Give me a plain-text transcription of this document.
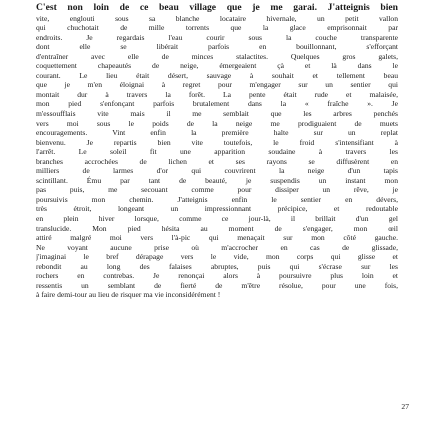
C'est non loin de ce beau village que je me garai. J'atteignis bien
vite, englouti sous sa blanche locataire hivernale, un petit vallon
qui chuchotait de mille torrents que la glace emprisonnait par
endroits. Je regardais l'eau courir sous la couche transparente
dont elle se libérait parfois en bouillonnant, s'efforçant
d'entraîner avec elle de minces stalactites. Quelques gros galets,
coquettement chapeautés de neige, émergeaient çà et là dans le
courant. Le lieu était désert, sauvage à souhait et tellement beau
que je m'en éloignai à regret pour m'engager sur un sentier qui
montait dur à travers la forêt. La pente était rude et malaisée,
mon pied s'enfonçant parfois brutalement dans la « fraîche ». Je
m'essoufflais vite mais il me semblait que les arbres penchés
vers moi sous le poids de la neige me prodiguaient de muets
encouragements. Vint enfin la première halte sur un replat
bienvenu. Je repartis bien vite toutefois, le froid s'intensifiant à
l'arrêt. Le soleil fit une apparition soudaine à travers les
branches accrochées de lichen et ses rayons se diffusèrent en
milliers de larmes d'or qui couvrirent la neige d'un tapis
scintillant. Ému par tant de beauté, je suspendis un instant mon
pas puis, me secouant comme pour dissiper un rêve, je
poursuivis mon chemin. J'atteignis enfin le sentier en dévers,
très étroit, longeant un impressionnant précipice, et redoutable
en plein hiver lorsque, comme ce jour-là, il brillait d'un gel
translucide. Mon pied hésita au moment de s'engager, mon œil
attiré malgré moi vers l'à-pic qui menaçait sur mon côté gauche.
Ne voyant aucune prise où m'accrocher en cas de glissade,
j'imaginai le bref dérapage vers le vide, mon corps qui glisse et
rebondit au long des falaises abruptes, puis qui s'écrase sur les
rochers en contrebas. Je renonçai alors à poursuivre plus loin et
ressentis un semblant de fierté de m'être résolue, pour une fois,
à faire demi-tour au lieu de risquer ma vie inconsidérément !
27
